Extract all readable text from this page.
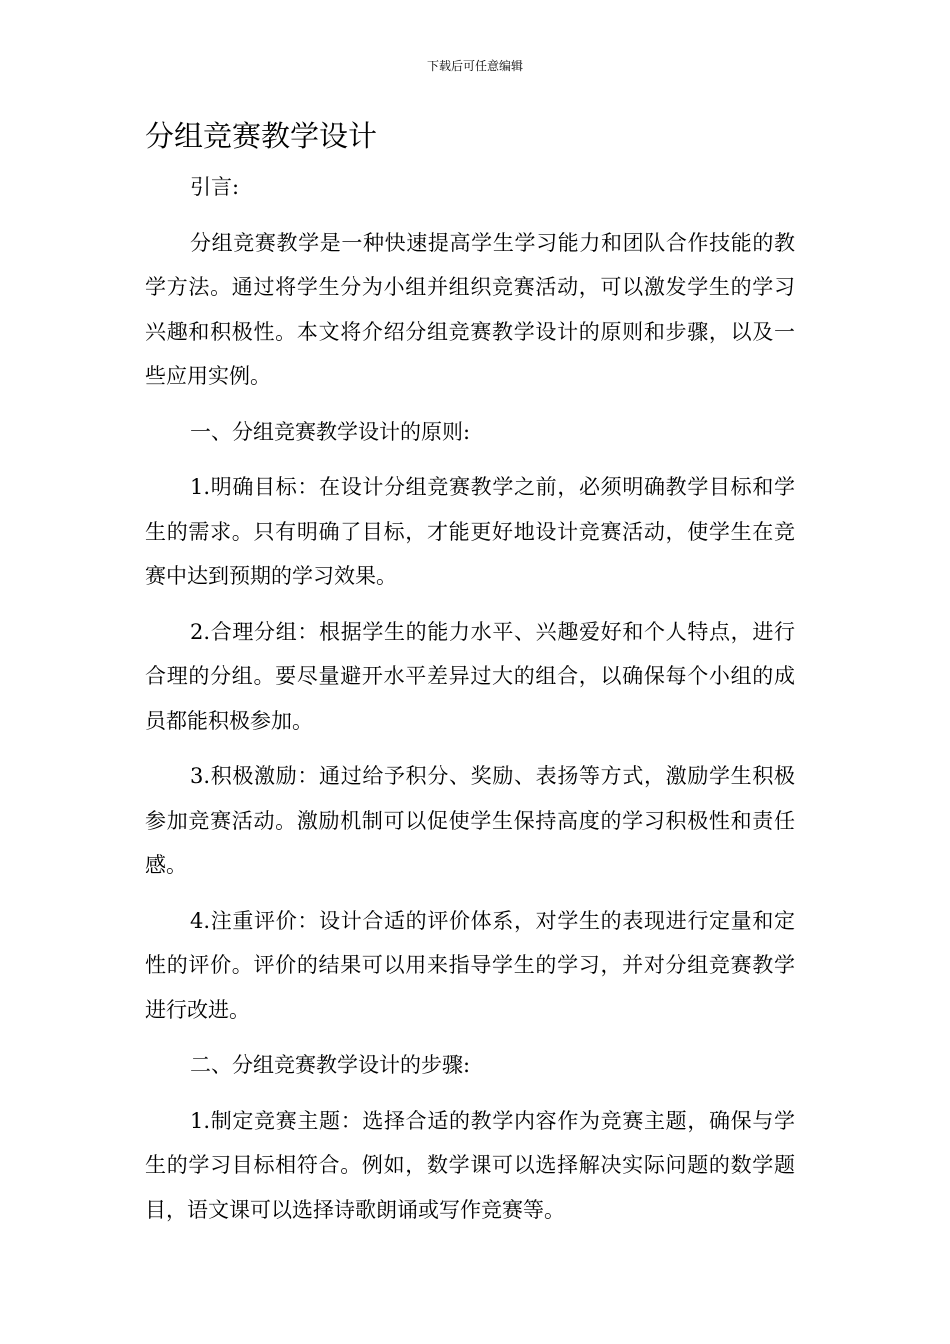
下载后可任意编辑
分组竞赛教学设计

引言:

分组竞赛教学是一种快速提高学生学习能力和团队合作技能的教学方法。通过将学生分为小组并组织竞赛活动，可以激发学生的学习兴趣和积极性。本文将介绍分组竞赛教学设计的原则和步骤，以及一些应用实例。

一、分组竞赛教学设计的原则:

1.明确目标：在设计分组竞赛教学之前，必须明确教学目标和学生的需求。只有明确了目标，才能更好地设计竞赛活动，使学生在竞赛中达到预期的学习效果。

2.合理分组：根据学生的能力水平、兴趣爱好和个人特点，进行合理的分组。要尽量避开水平差异过大的组合，以确保每个小组的成员都能积极参加。

3.积极激励：通过给予积分、奖励、表扬等方式，激励学生积极参加竞赛活动。激励机制可以促使学生保持高度的学习积极性和责任感。

4.注重评价：设计合适的评价体系，对学生的表现进行定量和定性的评价。评价的结果可以用来指导学生的学习，并对分组竞赛教学进行改进。

二、分组竞赛教学设计的步骤:

1.制定竞赛主题：选择合适的教学内容作为竞赛主题，确保与学生的学习目标相符合。例如，数学课可以选择解决实际问题的数学题目，语文课可以选择诗歌朗诵或写作竞赛等。
